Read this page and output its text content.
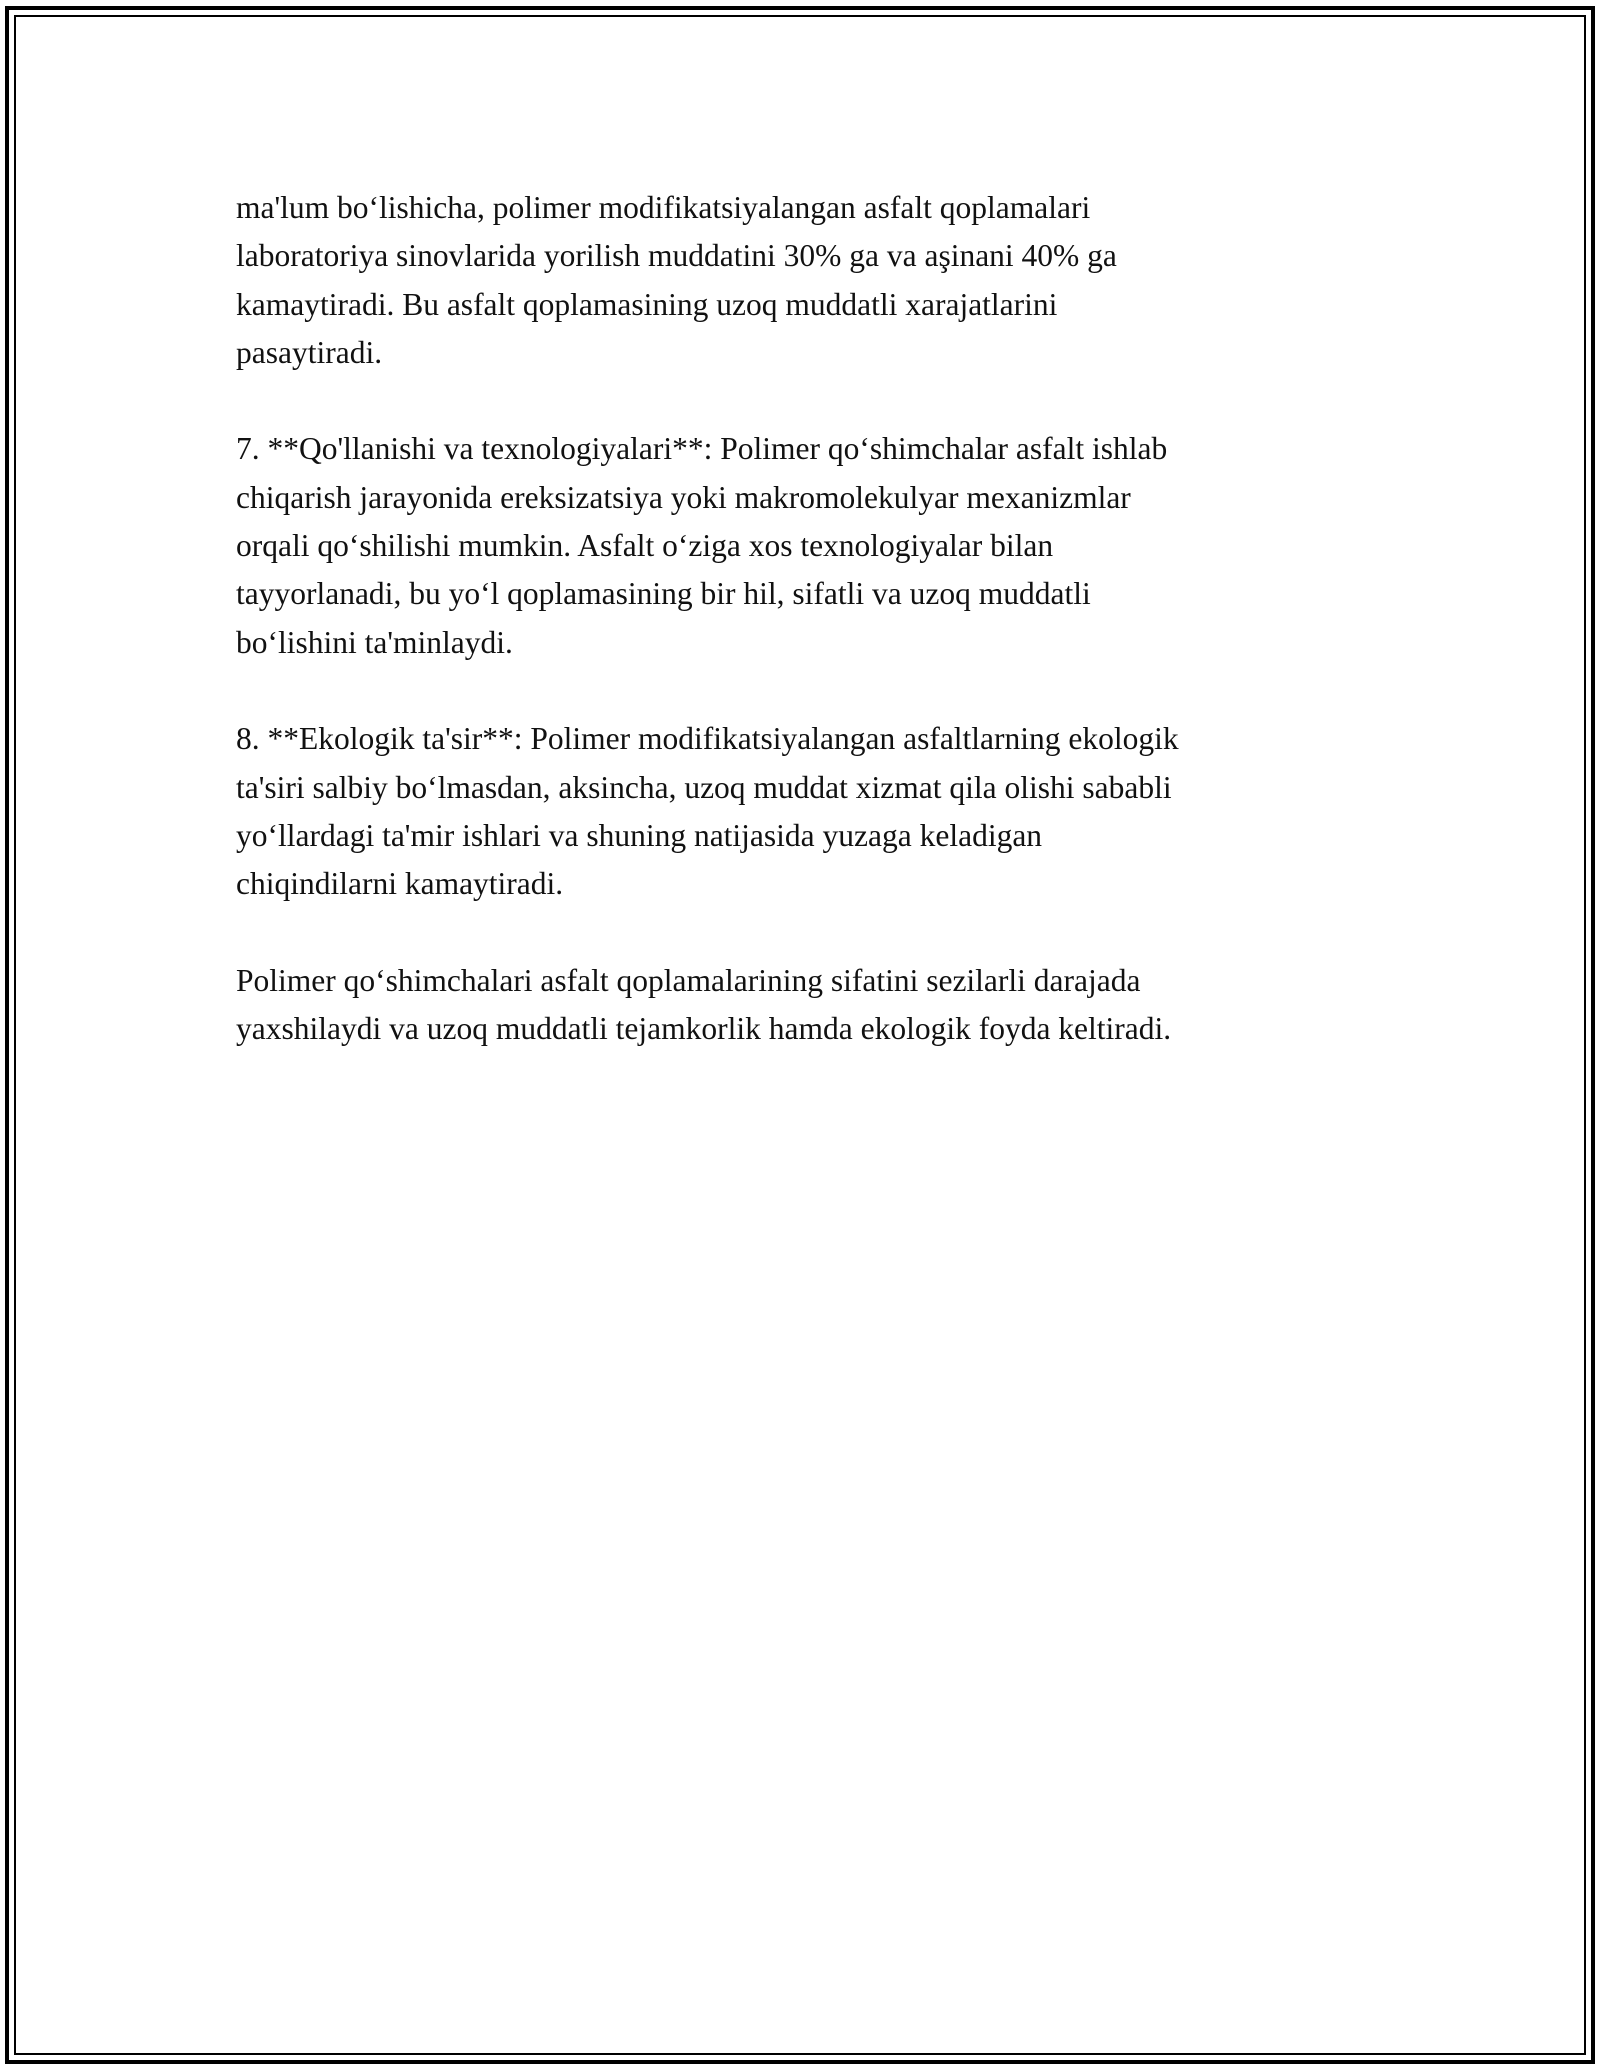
ma'lum bo‘lishicha, polimer modifikatsiyalangan asfalt qoplamalari
laboratoriya sinovlarida yorilish muddatini 30% ga va aşinani 40% ga
kamaytiradi. Bu asfalt qoplamasining uzoq muddatli xarajatlarini
pasaytiradi.

7. **Qo'llanishi va texnologiyalari**: Polimer qo‘shimchalar asfalt ishlab
chiqarish jarayonida ereksizatsiya yoki makromolekulyar mexanizmlar
orqali qo‘shilishi mumkin. Asfalt o‘ziga xos texnologiyalar bilan
tayyorlanadi, bu yo‘l qoplamasining bir hil, sifatli va uzoq muddatli
bo‘lishini ta'minlaydi.

8. **Ekologik ta'sir**: Polimer modifikatsiyalangan asfaltlarning ekologik
ta'siri salbiy bo‘lmasdan, aksincha, uzoq muddat xizmat qila olishi sababli
yo‘llardagi ta'mir ishlari va shuning natijasida yuzaga keladigan
chiqindilarni kamaytiradi.

Polimer qo‘shimchalari asfalt qoplamalarining sifatini sezilarli darajada
yaxshilaydi va uzoq muddatli tejamkorlik hamda ekologik foyda keltiradi.
